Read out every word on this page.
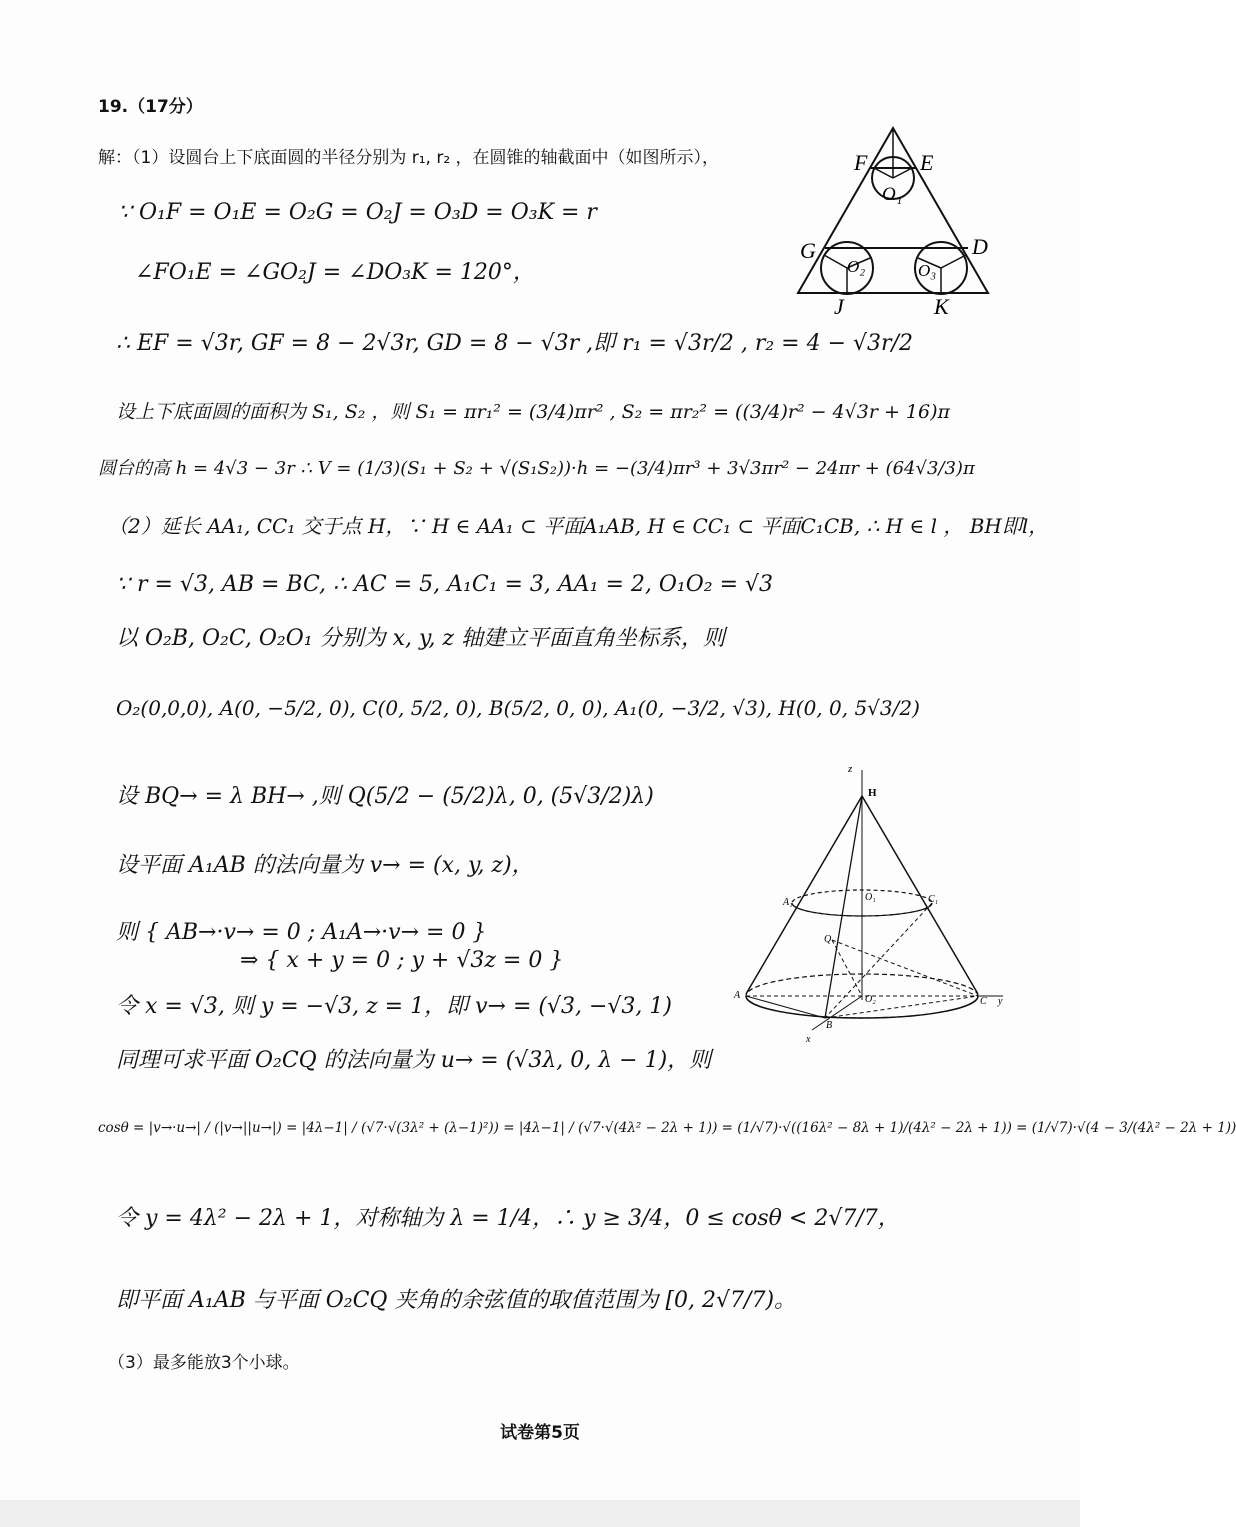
19.（17分）
解：（1）设圆台上下底面圆的半径分别为 r₁, r₂ ，在圆锥的轴截面中（如图所示），
∵ O₁F = O₁E = O₂G = O₂J = O₃D = O₃K = r
∠FO₁E = ∠GO₂J = ∠DO₃K = 120°，
∴ EF = √3r, GF = 8 − 2√3r, GD = 8 − √3r ,即 r₁ = √3r/2 , r₂ = 4 − √3r/2
设上下底面圆的面积为 S₁, S₂ ，则 S₁ = πr₁² = (3/4)πr² , S₂ = πr₂² = ((3/4)r² − 4√3r + 16)π
圆台的高 h = 4√3 − 3r ∴ V = (1/3)(S₁ + S₂ + √(S₁S₂))·h = −(3/4)πr³ + 3√3πr² − 24πr + (64√3/3)π
（2）延长 AA₁, CC₁ 交于点 H，∵ H ∈ AA₁ ⊂ 平面A₁AB, H ∈ CC₁ ⊂ 平面C₁CB, ∴ H ∈ l ， BH即l，
∵ r = √3, AB = BC, ∴ AC = 5, A₁C₁ = 3, AA₁ = 2, O₁O₂ = √3
以 O₂B, O₂C, O₂O₁ 分别为 x, y, z 轴建立平面直角坐标系，则
O₂(0,0,0), A(0, −5/2, 0), C(0, 5/2, 0), B(5/2, 0, 0), A₁(0, −3/2, √3), H(0, 0, 5√3/2)
设 BQ→ = λ BH→ ,则 Q(5/2 − (5/2)λ, 0, (5√3/2)λ)
设平面 A₁AB 的法向量为 v→ = (x, y, z)，
则 { AB→·v→ = 0 ; A₁A→·v→ = 0 }
⇒ { x + y = 0 ; y + √3z = 0 }
令 x = √3, 则 y = −√3, z = 1，即 v→ = (√3, −√3, 1)
同理可求平面 O₂CQ 的法向量为 u→ = (√3λ, 0, λ − 1)，则
cosθ = |v→·u→| / (|v→||u→|) = |4λ−1| / (√7·√(3λ² + (λ−1)²)) = |4λ−1| / (√7·√(4λ² − 2λ + 1)) = (1/√7)·√((16λ² − 8λ + 1)/(4λ² − 2λ + 1)) = (1/√7)·√(4 − 3/(4λ² − 2λ + 1))
令 y = 4λ² − 2λ + 1，对称轴为 λ = 1/4，∴ y ≥ 3/4，0 ≤ cosθ < 2√7/7，
即平面 A₁AB 与平面 O₂CQ 夹角的余弦值的取值范围为 [0, 2√7/7)。
（3）最多能放3个小球。
F E
O₁
G	D
O₂	O₃
J	K
z
H
A₁	O₁	C₁
Q
A	O₂	C y
B
x
试卷第5页
